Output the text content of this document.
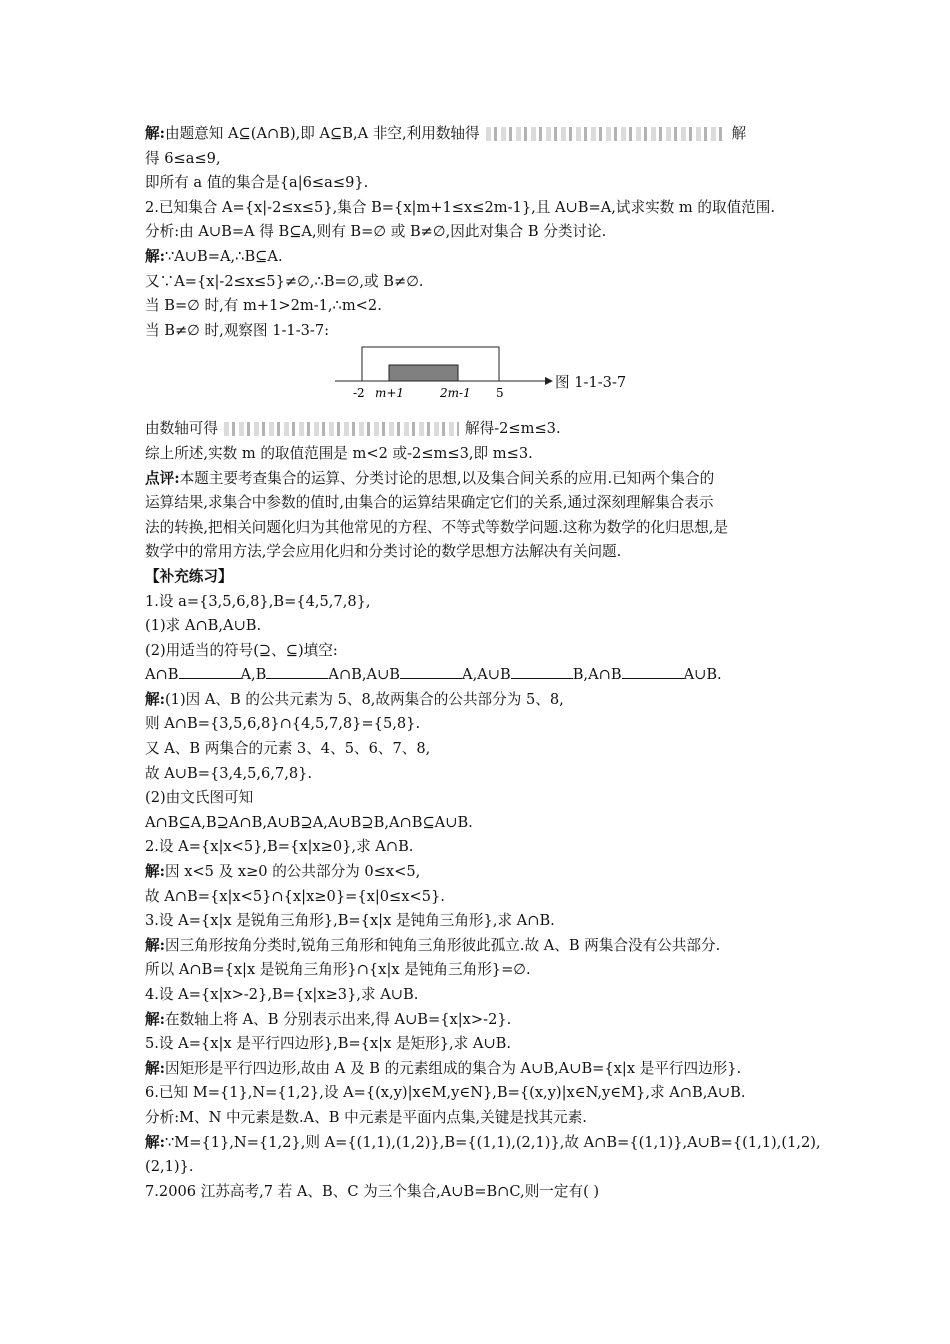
解:由题意知 A⊆(A∩B),即 A⊆B,A 非空,利用数轴得	解
得 6≤a≤9,
即所有 a 值的集合是{a|6≤a≤9}.
2.已知集合 A={x|-2≤x≤5},集合 B={x|m+1≤x≤2m-1},且 A∪B=A,试求实数 m 的取值范围.
分析:由 A∪B=A 得 B⊆A,则有 B=∅ 或 B≠∅,因此对集合 B 分类讨论.
解:∵A∪B=A,∴B⊆A.
又∵A={x|-2≤x≤5}≠∅,∴B=∅,或 B≠∅.
当 B=∅ 时,有 m+1>2m-1,∴m<2.
当 B≠∅ 时,观察图 1-1-3-7:
-2 m+1	2m-1 5
图 1-1-3-7
由数轴可得	解得-2≤m≤3.
综上所述,实数 m 的取值范围是 m<2 或-2≤m≤3,即 m≤3.
点评:本题主要考查集合的运算、分类讨论的思想,以及集合间关系的应用.已知两个集合的
运算结果,求集合中参数的值时,由集合的运算结果确定它们的关系,通过深刻理解集合表示
法的转换,把相关问题化归为其他常见的方程、不等式等数学问题.这称为数学的化归思想,是
数学中的常用方法,学会应用化归和分类讨论的数学思想方法解决有关问题.
【补充练习】
1.设 a={3,5,6,8},B={4,5,7,8},
(1)求 A∩B,A∪B.
(2)用适当的符号(⊇、⊆)填空:
A∩B	A,B	A∩B,A∪B	A,A∪B	B,A∩B	A∪B.
解:(1)因 A、B 的公共元素为 5、8,故两集合的公共部分为 5、8,
则 A∩B={3,5,6,8}∩{4,5,7,8}={5,8}.
又 A、B 两集合的元素 3、4、5、6、7、8,
故 A∪B={3,4,5,6,7,8}.
(2)由文氏图可知
A∩B⊆A,B⊇A∩B,A∪B⊇A,A∪B⊇B,A∩B⊆A∪B.
2.设 A={x|x<5},B={x|x≥0},求 A∩B.
解:因 x<5 及 x≥0 的公共部分为 0≤x<5,
故 A∩B={x|x<5}∩{x|x≥0}={x|0≤x<5}.
3.设 A={x|x 是锐角三角形},B={x|x 是钝角三角形},求 A∩B.
解:因三角形按角分类时,锐角三角形和钝角三角形彼此孤立.故 A、B 两集合没有公共部分.
所以 A∩B={x|x 是锐角三角形}∩{x|x 是钝角三角形}=∅.
4.设 A={x|x>-2},B={x|x≥3},求 A∪B.
解:在数轴上将 A、B 分别表示出来,得 A∪B={x|x>-2}.
5.设 A={x|x 是平行四边形},B={x|x 是矩形},求 A∪B.
解:因矩形是平行四边形,故由 A 及 B 的元素组成的集合为 A∪B,A∪B={x|x 是平行四边形}.
6.已知 M={1},N={1,2},设 A={(x,y)|x∈M,y∈N},B={(x,y)|x∈N,y∈M},求 A∩B,A∪B.
分析:M、N 中元素是数.A、B 中元素是平面内点集,关键是找其元素.
解:∵M={1},N={1,2},则 A={(1,1),(1,2)},B={(1,1),(2,1)},故 A∩B={(1,1)},A∪B={(1,1),(1,2),
(2,1)}.
7.2006 江苏高考,7 若 A、B、C 为三个集合,A∪B=B∩C,则一定有( )
